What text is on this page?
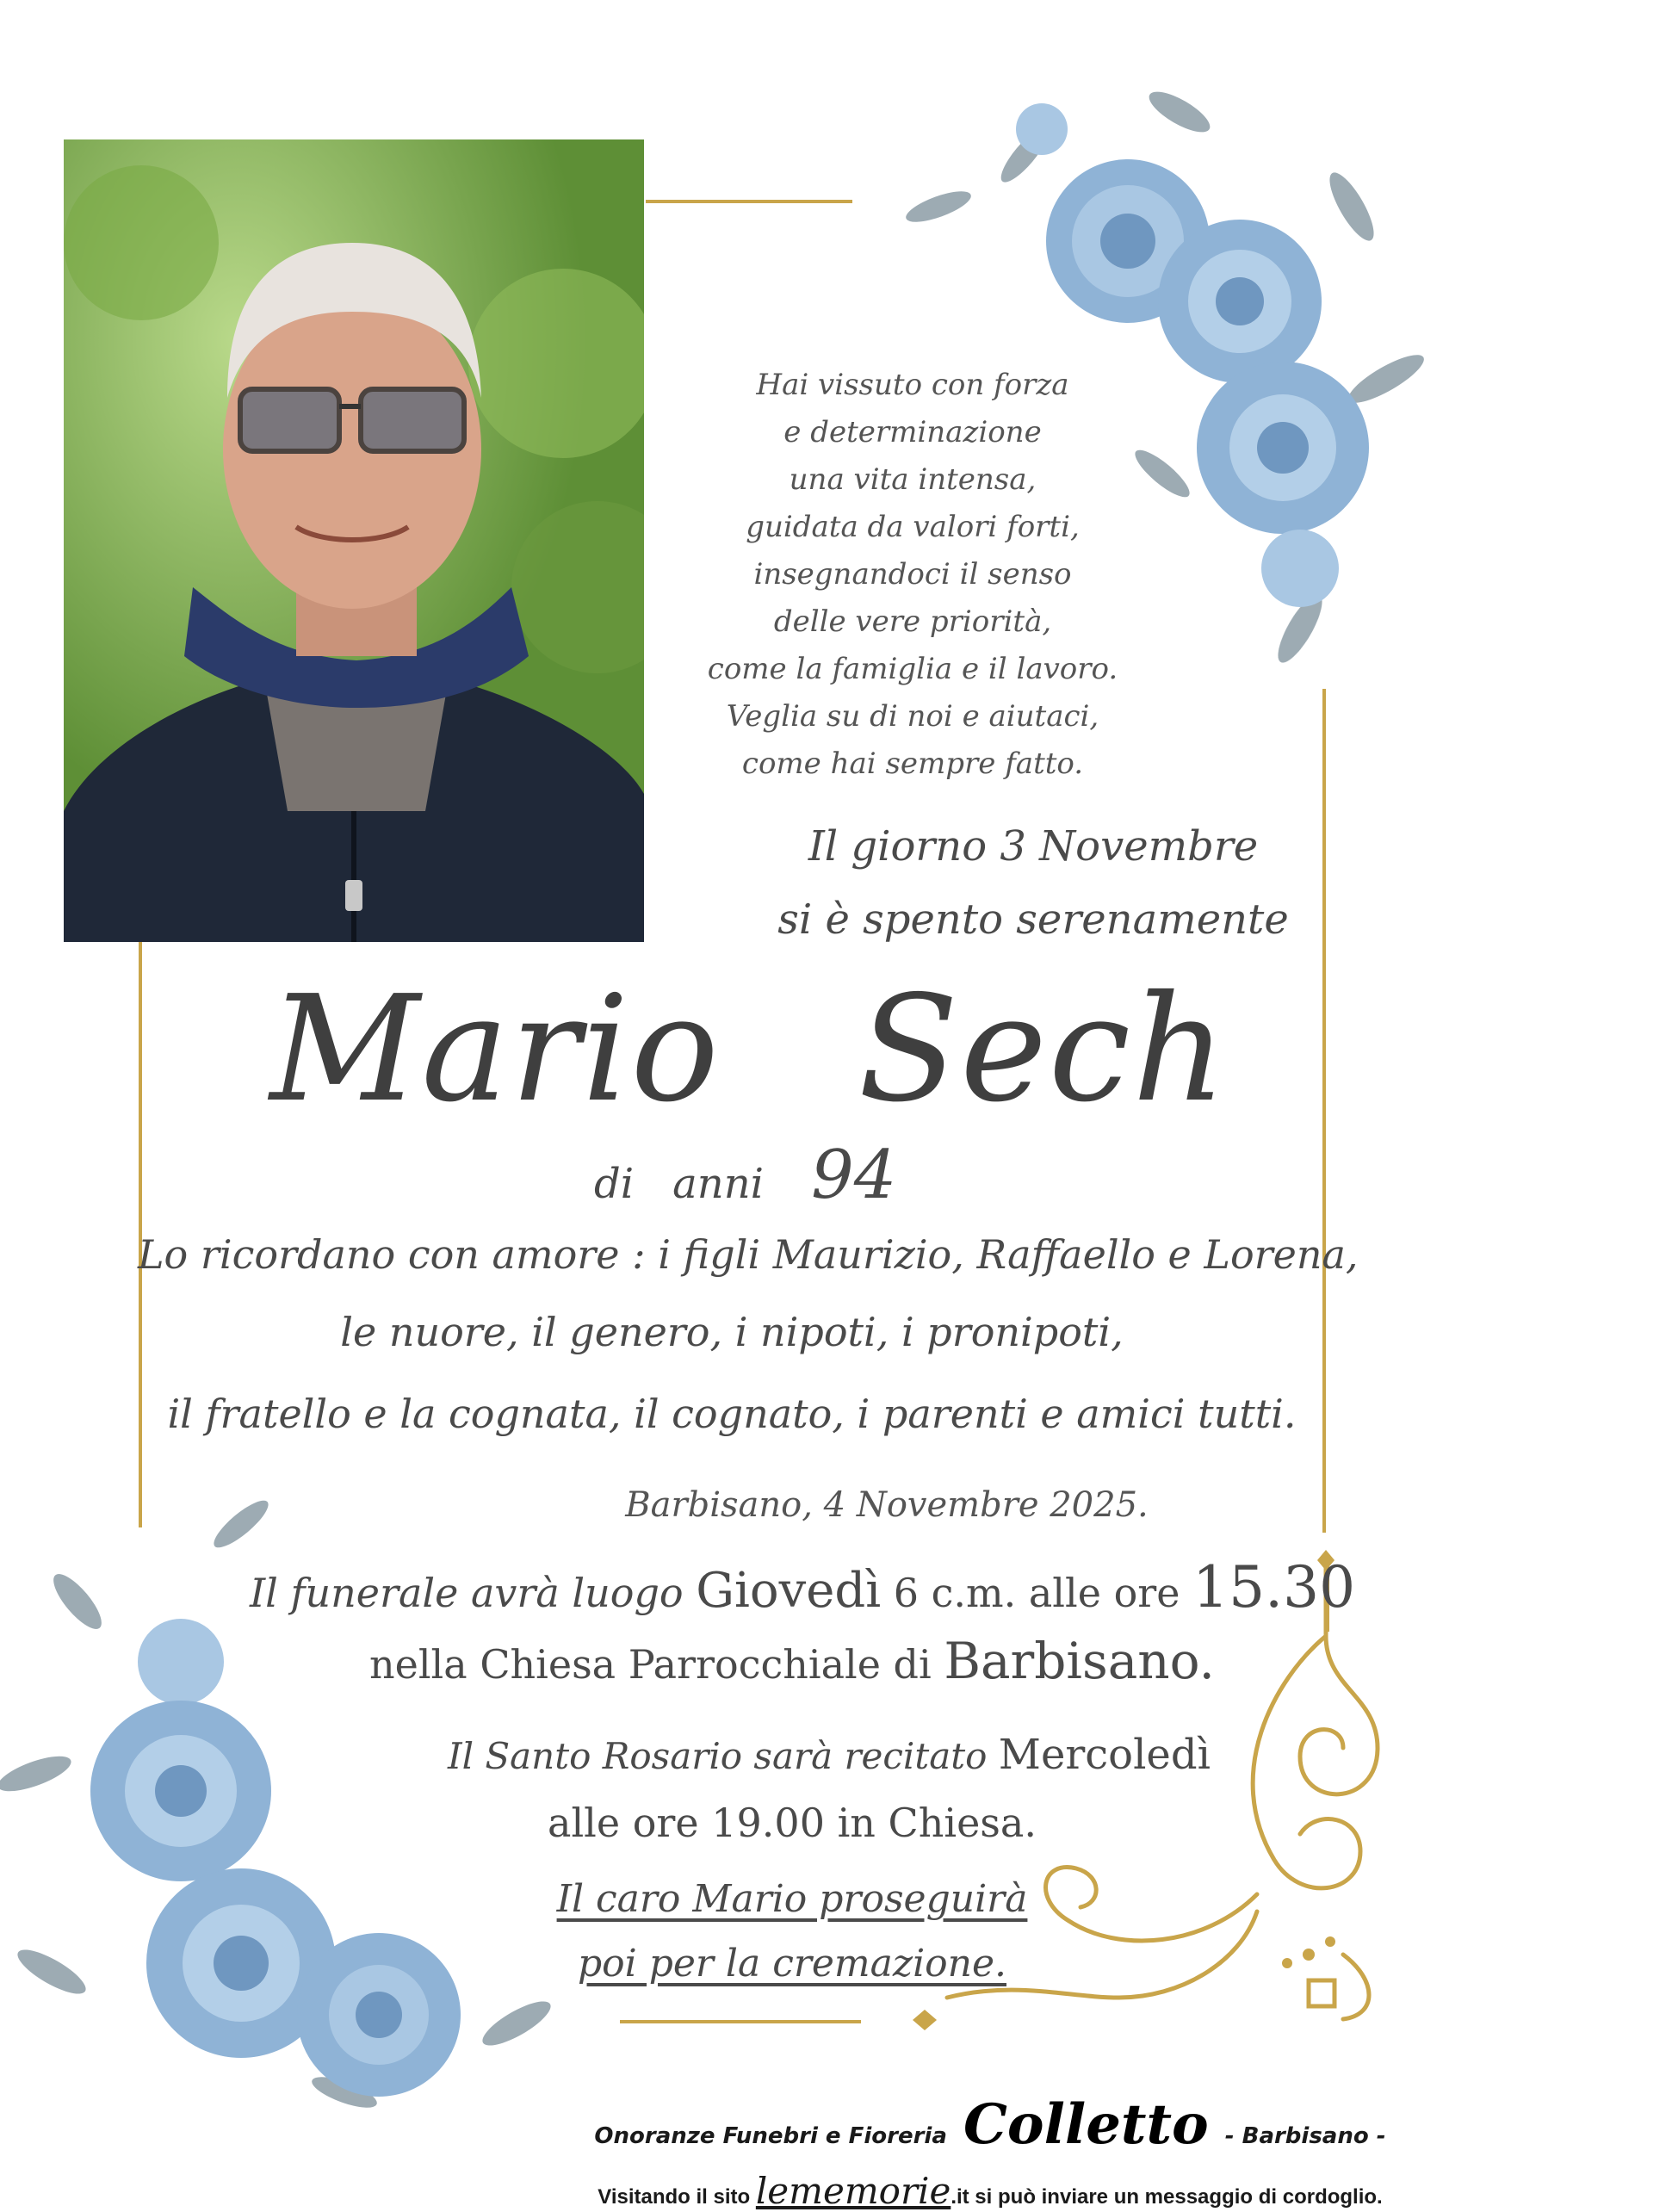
Hai vissuto con forza
e determinazione
una vita intensa,
guidata da valori forti,
insegnandoci il senso
delle vere priorità,
come la famiglia e il lavoro.
Veglia su di noi e aiutaci,
come hai sempre fatto.
Il giorno 3 Novembre
si è spento serenamente
Mario Sech
di anni 94
Lo ricordano con amore : i figli Maurizio, Raffaello e Lorena,
le nuore, il genero, i nipoti, i pronipoti,
il fratello e la cognata, il cognato, i parenti e amici tutti.
Barbisano, 4 Novembre 2025.
Il funerale avrà luogo Giovedì 6 c.m. alle ore 15.30
nella Chiesa Parrocchiale di Barbisano.
Il Santo Rosario sarà recitato Mercoledì
alle ore 19.00 in Chiesa.
Il caro Mario proseguirà
poi per la cremazione.
Onoranze Funebri e Fioreria Colletto - Barbisano -
Visitando il sito lememorie.it si può inviare un messaggio di cordoglio.
